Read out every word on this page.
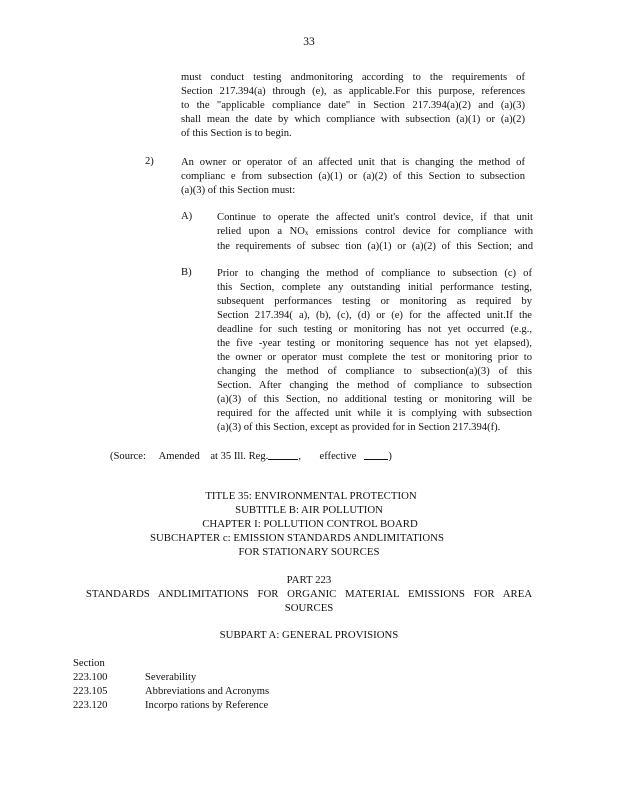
33
must conduct testing andmonitoring according to the requirements of
Section 217.394(a) through (e), as applicable.For this purpose, references
to the "applicable compliance date" in Section 217.394(a)(2) and (a)(3)
shall mean the date by which compliance with subsection (a)(1) or (a)(2)
of this Section is to begin.
2)	An owner or operator of an affected unit that is changing the method of
complianc e from subsection (a)(1) or (a)(2) of this Section to subsection
(a)(3) of this Section must:
A) Continue to operate the affected unit's control device, if that unit
relied upon a $NO_x$ emissions control device for compliance with
the requirements of subsec tion (a)(1) or (a)(2) of this Section; and
B) Prior to changing the method of compliance to subsection (c) of
this Section, complete any outstanding initial performance testing,
subsequent performances testing or monitoring as required by
Section 217.394( a), (b), (c), (d) or (e) for the affected unit.If the
deadline for such testing or monitoring has not yet occurred (e.g.,
the five -year testing or monitoring sequence has not yet elapsed),
the owner or operator must complete the test or monitoring prior to
changing the method of compliance to subsection(a)(3) of this
Section. After changing the method of compliance to subsection
(a)(3) of this Section, no additional testing or monitoring will be
required for the affected unit while it is complying with subsection
(a)(3) of this Section, except as provided for in Section 217.394(f).
(Source: Amended at 35 Ill. Reg.	, effective	)
TITLE 35: ENVIRONMENTAL PROTECTION
SUBTITLE B: AIR POLLUTION
CHAPTER I: POLLUTION CONTROL BOARD
SUBCHAPTER c: EMISSION STANDARDS ANDLIMITATIONS
FOR STATIONARY SOURCES
PART 223
STANDARDS ANDLIMITATIONS FOR ORGANIC MATERIAL EMISSIONS FOR AREA
SOURCES
SUBPART A: GENERAL PROVISIONS
Section
223.100	Severability
223.105	Abbreviations and Acronyms
223.120	Incorpo rations by Reference
